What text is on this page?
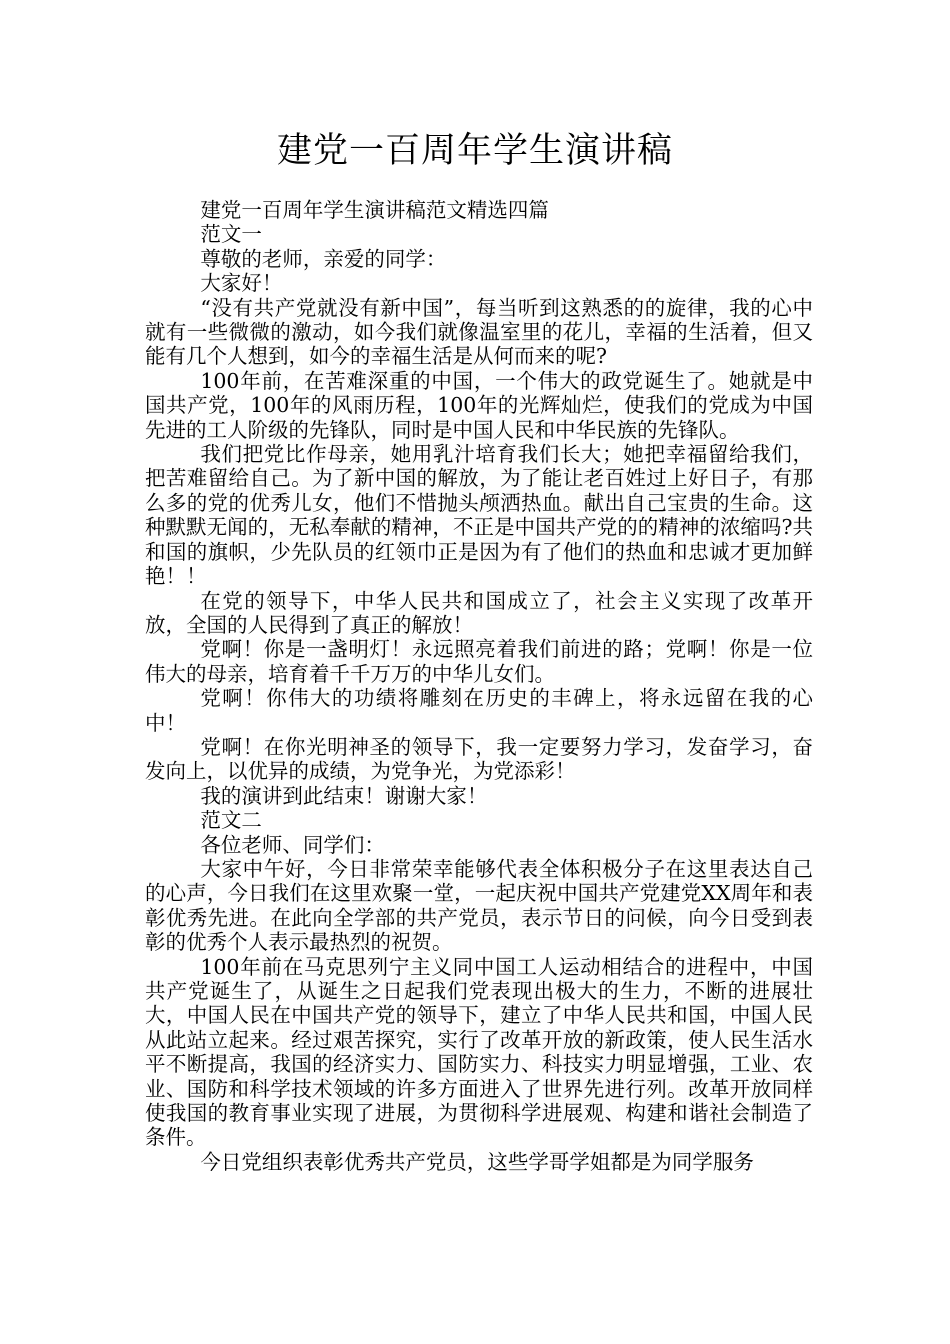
建党一百周年学生演讲稿

建党一百周年学生演讲稿范文精选四篇

范文一

尊敬的老师，亲爱的同学：

大家好！

“没有共产党就没有新中国”，每当听到这熟悉的的旋律，我的心中就有一些微微的激动，如今我们就像温室里的花儿，幸福的生活着，但又能有几个人想到，如今的幸福生活是从何而来的呢?

100年前，在苦难深重的中国，一个伟大的政党诞生了。她就是中国共产党，100年的风雨历程，100年的光辉灿烂，使我们的党成为中国先进的工人阶级的先锋队，同时是中国人民和中华民族的先锋队。

我们把党比作母亲，她用乳汁培育我们长大；她把幸福留给我们，把苦难留给自己。为了新中国的解放，为了能让老百姓过上好日子，有那么多的党的优秀儿女，他们不惜抛头颅洒热血。献出自己宝贵的生命。这种默默无闻的，无私奉献的精神，不正是中国共产党的的精神的浓缩吗?共和国的旗帜，少先队员的红领巾正是因为有了他们的热血和忠诚才更加鲜艳！！

在党的领导下，中华人民共和国成立了，社会主义实现了改革开放，全国的人民得到了真正的解放！

党啊！你是一盏明灯！永远照亮着我们前进的路；党啊！你是一位伟大的母亲，培育着千千万万的中华儿女们。

党啊！你伟大的功绩将雕刻在历史的丰碑上，将永远留在我的心中！

党啊！在你光明神圣的领导下，我一定要努力学习，发奋学习，奋发向上，以优异的成绩，为党争光，为党添彩！

我的演讲到此结束！谢谢大家！

范文二

各位老师、同学们：

大家中午好，今日非常荣幸能够代表全体积极分子在这里表达自己的心声，今日我们在这里欢聚一堂，一起庆祝中国共产党建党XX周年和表彰优秀先进。在此向全学部的共产党员，表示节日的问候，向今日受到表彰的优秀个人表示最热烈的祝贺。

100年前在马克思列宁主义同中国工人运动相结合的进程中，中国共产党诞生了，从诞生之日起我们党表现出极大的生力，不断的进展壮大，中国人民在中国共产党的领导下，建立了中华人民共和国，中国人民从此站立起来。经过艰苦探究，实行了改革开放的新政策，使人民生活水平不断提高，我国的经济实力、国防实力、科技实力明显增强，工业、农业、国防和科学技术领域的许多方面进入了世界先进行列。改革开放同样使我国的教育事业实现了进展，为贯彻科学进展观、构建和谐社会制造了条件。

今日党组织表彰优秀共产党员，这些学哥学姐都是为同学服务
